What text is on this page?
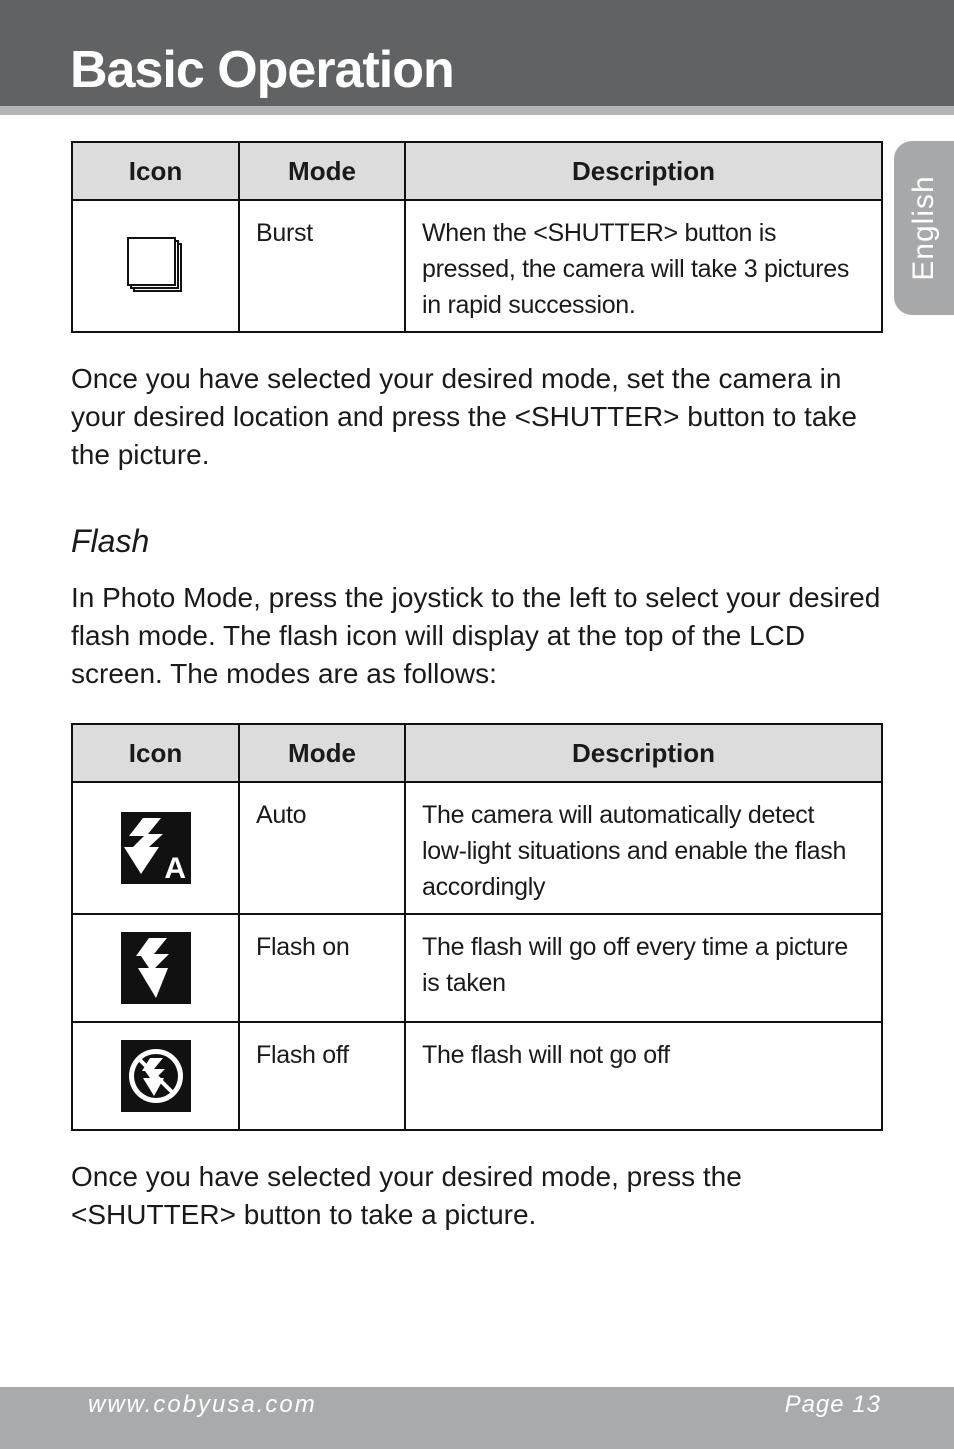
Basic Operation
English
Icon	Mode	Description
	Burst	When the <SHUTTER> button is pressed, the camera will take 3 pictures in rapid succession.

Once you have selected your desired mode, set the camera in your desired location and press the <SHUTTER> button to take the picture.

Flash

In Photo Mode, press the joystick to the left to select your desired flash mode. The flash icon will display at the top of the LCD screen. The modes are as follows:

Icon	Mode	Description

A	Auto	The camera will automatically detect low-light situations and enable the flash accordingly
	Flash on	The flash will go off every time a picture is taken
	Flash off	The flash will not go off

Once you have selected your desired mode, press the <SHUTTER> button to take a picture.

www.cobyusa.com	Page 13
